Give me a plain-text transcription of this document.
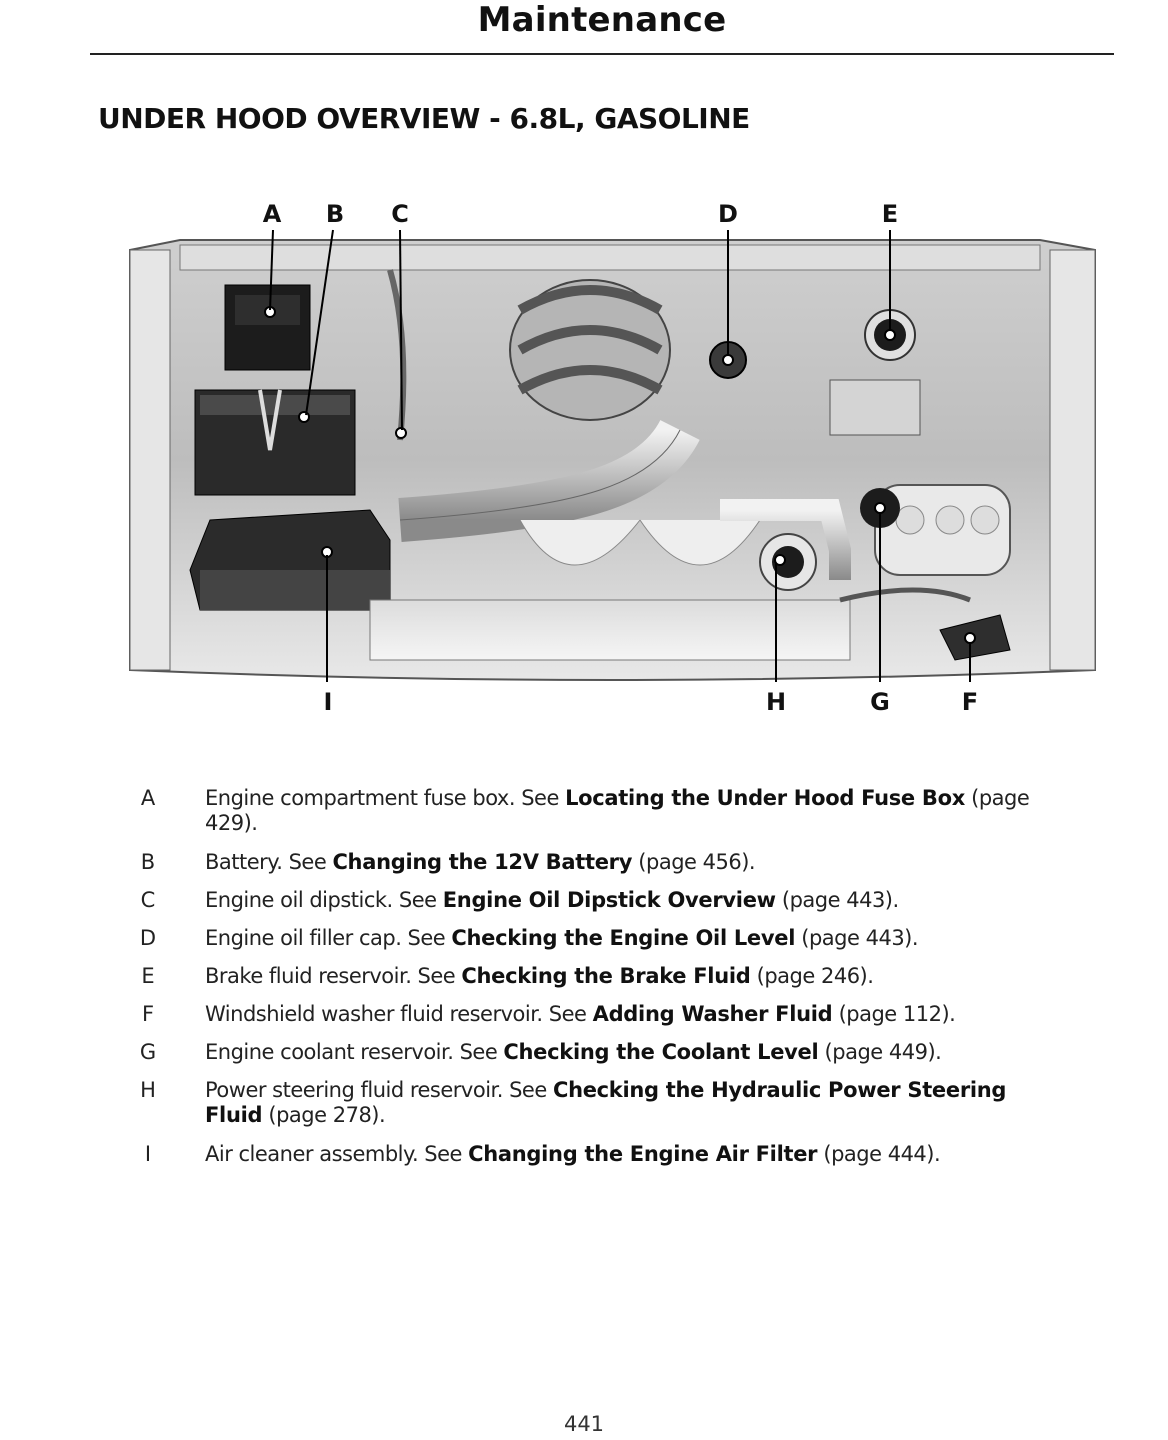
Maintenance
UNDER HOOD OVERVIEW - 6.8L, GASOLINE
A B C	D	E
I	H	G	F
A Engine compartment fuse box. See Locating the Under Hood Fuse Box (page
429).
B Battery. See Changing the 12V Battery (page 456).
C Engine oil dipstick. See Engine Oil Dipstick Overview (page 443).
D Engine oil filler cap. See Checking the Engine Oil Level (page 443).
E Brake fluid reservoir. See Checking the Brake Fluid (page 246).
F Windshield washer fluid reservoir. See Adding Washer Fluid (page 112).
G Engine coolant reservoir. See Checking the Coolant Level (page 449).
H Power steering fluid reservoir. See Checking the Hydraulic Power Steering
Fluid (page 278).
I	Air cleaner assembly. See Changing the Engine Air Filter (page 444).
441
